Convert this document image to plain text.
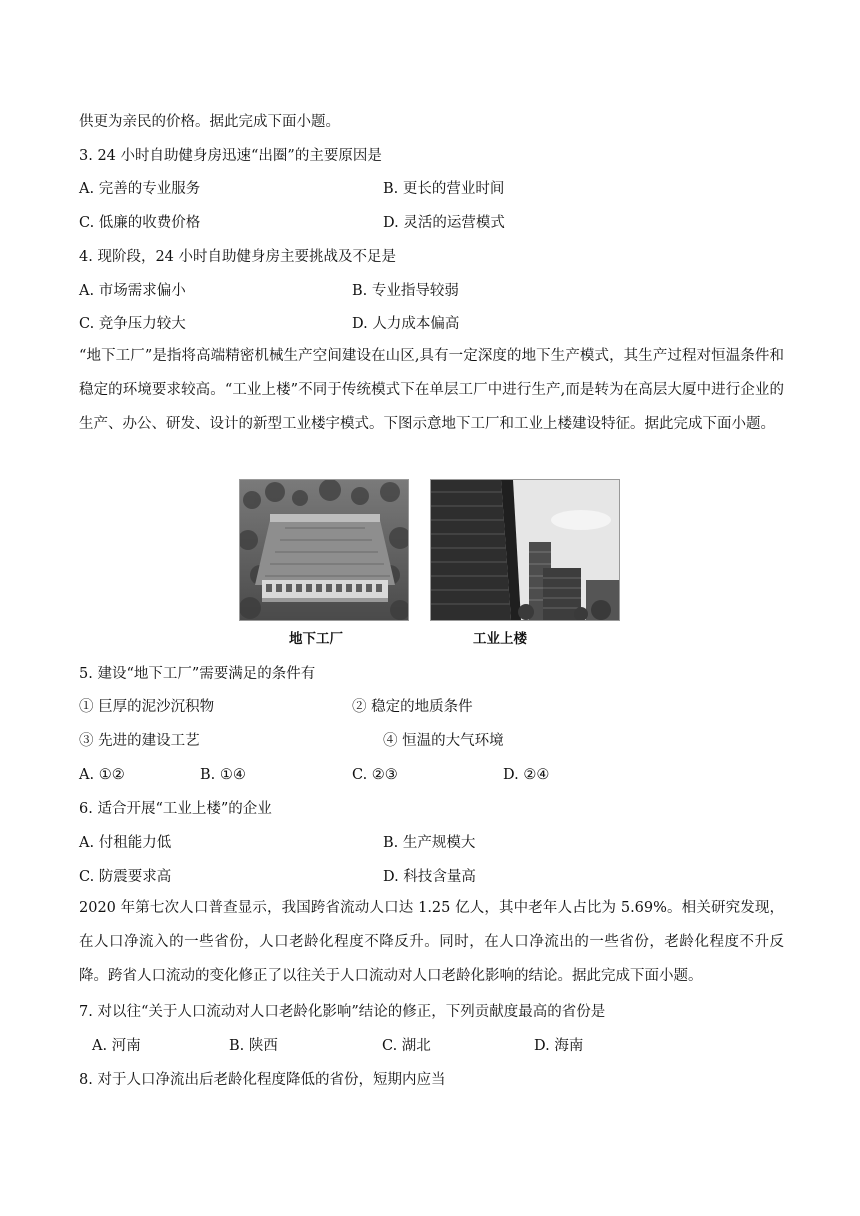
供更为亲民的价格。据此完成下面小题。
3. 24 小时自助健身房迅速“出圈”的主要原因是
A. 完善的专业服务	B. 更长的营业时间
C. 低廉的收费价格	D. 灵活的运营模式
4. 现阶段，24 小时自助健身房主要挑战及不足是
A. 市场需求偏小	B. 专业指导较弱
C. 竞争压力较大	D. 人力成本偏高
“地下工厂”是指将高端精密机械生产空间建设在山区,具有一定深度的地下生产模式，其生产过程对恒温条件和稳定的环境要求较高。“工业上楼”不同于传统模式下在单层工厂中进行生产,而是转为在高层大厦中进行企业的生产、办公、研发、设计的新型工业楼宇模式。下图示意地下工厂和工业上楼建设特征。据此完成下面小题。
地下工厂	工业上楼
5. 建设“地下工厂”需要满足的条件有
① 巨厚的泥沙沉积物	② 稳定的地质条件
③ 先进的建设工艺	④ 恒温的大气环境
A. ①②	B. ①④	C. ②③	D. ②④
6. 适合开展“工业上楼”的企业
A. 付租能力低	B. 生产规模大
C. 防震要求高	D. 科技含量高
2020 年第七次人口普查显示，我国跨省流动人口达 1.25 亿人，其中老年人占比为 5.69%。相关研究发现，在人口净流入的一些省份，人口老龄化程度不降反升。同时，在人口净流出的一些省份，老龄化程度不升反降。跨省人口流动的变化修正了以往关于人口流动对人口老龄化影响的结论。据此完成下面小题。
7. 对以往“关于人口流动对人口老龄化影响”结论的修正，下列贡献度最高的省份是
A. 河南	B. 陕西	C. 湖北	D. 海南
8. 对于人口净流出后老龄化程度降低的省份，短期内应当
